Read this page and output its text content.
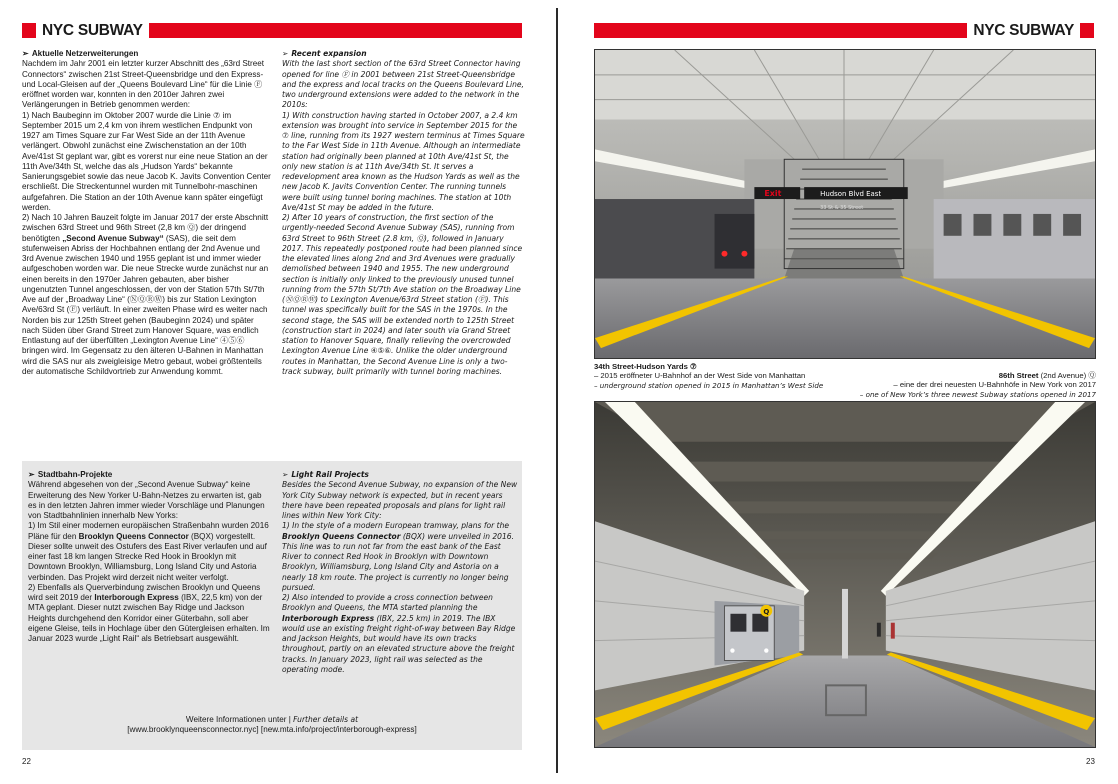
NYC SUBWAY

➢ Aktuelle Netzerweiterungen

Nachdem im Jahr 2001 ein letzter kurzer Abschnitt des „63rd Street Connectors“ zwischen 21st Street-Queensbridge und den Express- und Local-Gleisen auf der „Queens Boulevard Line“ für die Linie Ⓕ eröffnet worden war, konnten in den 2010er Jahren zwei Verlängerungen in Betrieb genommen werden:

1) Nach Baubeginn im Oktober 2007 wurde die Linie ⑦ im September 2015 um 2,4 km von ihrem westlichen Endpunkt von 1927 am Times Square zur Far West Side an der 11th Avenue verlängert. Obwohl zunächst eine Zwischenstation an der 10th Ave/41st St geplant war, gibt es vorerst nur eine neue Station an der 11th Ave/34th St, welche das als „Hudson Yards“ bekannte Sanierungsgebiet sowie das neue Jacob K. Javits Convention Center erschließt. Die Streckentunnel wurden mit Tunnelbohr-maschinen aufgefahren. Die Station an der 10th Avenue kann später eingefügt werden.

2) Nach 10 Jahren Bauzeit folgte im Januar 2017 der erste Abschnitt zwischen 63rd Street und 96th Street (2,8 km Ⓠ) der dringend benötigten „Second Avenue Subway“ (SAS), die seit dem stufenweisen Abriss der Hochbahnen entlang der 2nd Avenue und 3rd Avenue zwischen 1940 und 1955 geplant ist und immer wieder aufgeschoben worden war. Die neue Strecke wurde zunächst nur an einen bereits in den 1970er Jahren gebauten, aber bisher ungenutzten Tunnel angeschlossen, der von der Station 57th St/7th Ave auf der „Broadway Line“ (ⓃⓆⓇⓌ) bis zur Station Lexington Ave/63rd St (Ⓕ) verläuft. In einer zweiten Phase wird es weiter nach Norden bis zur 125th Street gehen (Baubeginn 2024) und später nach Süden über Grand Street zum Hanover Square, was endlich Entlastung auf der überfüllten „Lexington Avenue Line“ ④⑤⑥ bringen wird. Im Gegensatz zu den älteren U-Bahnen in Manhattan wird die SAS nur als zweigleisige Metro gebaut, wobei größtenteils der automatische Schildvortrieb zur Anwendung kommt.

➢ Recent expansion

With the last short section of the 63rd Street Connector having opened for line Ⓕ in 2001 between 21st Street-Queensbridge and the express and local tracks on the Queens Boulevard Line, two underground extensions were added to the network in the 2010s:

1) With construction having started in October 2007, a 2.4 km extension was brought into service in September 2015 for the ⑦ line, running from its 1927 western terminus at Times Square to the Far West Side in 11th Avenue. Although an intermediate station had originally been planned at 10th Ave/41st St, the only new station is at 11th Ave/34th St. It serves a redevelopment area known as the Hudson Yards as well as the new Jacob K. Javits Convention Center. The running tunnels were built using tunnel boring machines. The station at 10th Ave/41st St may be added in the future.

2) After 10 years of construction, the first section of the urgently-needed Second Avenue Subway (SAS), running from 63rd Street to 96th Street (2.8 km, Ⓠ), followed in January 2017. This repeatedly postponed route had been planned since the elevated lines along 2nd and 3rd Avenues were gradually demolished between 1940 and 1955. The new underground section is initially only linked to the previously unused tunnel running from the 57th St/7th Ave station on the Broadway Line (ⓃⓆⓇⓌ) to Lexington Avenue/63rd Street station (Ⓕ). This tunnel was specifically built for the SAS in the 1970s. In the second stage, the SAS will be extended north to 125th Street (construction start in 2024) and later south via Grand Street station to Hanover Square, finally relieving the overcrowded Lexington Avenue Line ④⑤⑥. Unlike the older underground routes in Manhattan, the Second Avenue Line is only a two-track subway, built primarily with tunnel boring machines.

➢ Stadtbahn-Projekte

Während abgesehen von der „Second Avenue Subway“ keine Erweiterung des New Yorker U-Bahn-Netzes zu erwarten ist, gab es in den letzten Jahren immer wieder Vorschläge und Planungen von Stadtbahnlinien innerhalb New Yorks:

1) Im Stil einer modernen europäischen Straßenbahn wurden 2016 Pläne für den Brooklyn Queens Connector (BQX) vorgestellt. Dieser sollte unweit des Ostufers des East River verlaufen und auf einer fast 18 km langen Strecke Red Hook in Brooklyn mit Downtown Brooklyn, Williamsburg, Long Island City und Astoria verbinden. Das Projekt wird derzeit nicht weiter verfolgt.

2) Ebenfalls als Querverbindung zwischen Brooklyn und Queens wird seit 2019 der Interborough Express (IBX, 22,5 km) von der MTA geplant. Dieser nutzt zwischen Bay Ridge und Jackson Heights durchgehend den Korridor einer Güterbahn, soll aber eigene Gleise, teils in Hochlage über den Gütergleisen erhalten. Im Januar 2023 wurde „Light Rail“ als Betriebsart ausgewählt.

➢ Light Rail Projects

Besides the Second Avenue Subway, no expansion of the New York City Subway network is expected, but in recent years there have been repeated proposals and plans for light rail lines within New York City:

1) In the style of a modern European tramway, plans for the Brooklyn Queens Connector (BQX) were unveiled in 2016. This line was to run not far from the east bank of the East River to connect Red Hook in Brooklyn with Downtown Brooklyn, Williamsburg, Long Island City and Astoria on a nearly 18 km route. The project is currently no longer being pursued.

2) Also intended to provide a cross connection between Brooklyn and Queens, the MTA started planning the Interborough Express (IBX, 22.5 km) in 2019. The IBX would use an existing freight right-of-way between Bay Ridge and Jackson Heights, but would have its own tracks throughout, partly on an elevated structure above the freight tracks. In January 2023, light rail was selected as the operating mode.

Weitere Informationen unter | Further details at
[www.brooklynqueensconnector.nyc] [new.mta.info/project/interborough-express]
22
NYC SUBWAY
Hudson Blvd East
33 St & 35 Street
Exit
34th Street-Hudson Yards ⑦
– 2015 eröffneter U-Bahnhof an der West Side von Manhattan
– underground station opened in 2015 in Manhattan’s West Side
86th Street (2nd Avenue) Ⓠ
– eine der drei neuesten U-Bahnhöfe in New York von 2017
– one of New York’s three newest Subway stations opened in 2017
Q
23
